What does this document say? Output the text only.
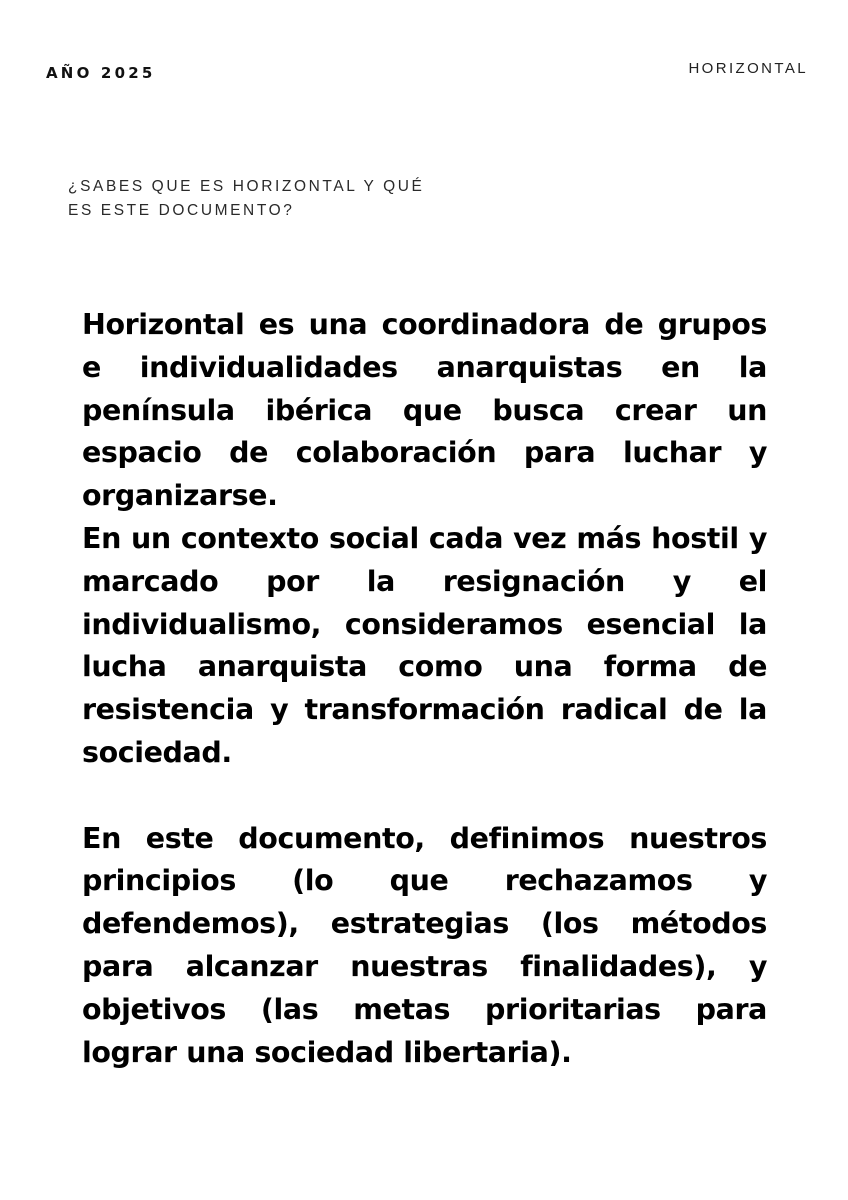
AÑO 2025	HORIZONTAL
¿SABES QUE ES HORIZONTAL Y QUÉ
ES ESTE DOCUMENTO?

Horizontal es una coordinadora de grupos e individualidades anarquistas en la península ibérica que busca crear un espacio de colaboración para luchar y organizarse.

En un contexto social cada vez más hostil y marcado por la resignación y el individualismo, consideramos esencial la lucha anarquista como una forma de resistencia y transformación radical de la sociedad.

En este documento, definimos nuestros principios (lo que rechazamos y defendemos), estrategias (los métodos para alcanzar nuestras finalidades), y objetivos (las metas prioritarias para lograr una sociedad libertaria).
